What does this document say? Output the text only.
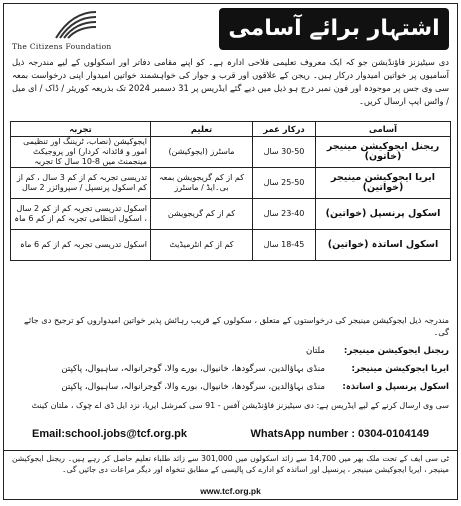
The Citizens Foundation
اشتہار برائے آسامی
دی سیٹیزنز فاؤنڈیشن جو کہ ایک معروف تعلیمی فلاحی ادارہ ہے۔ کو اپنے مقامی دفاتر اور اسکولوں کے لیے مندرجہ ذیل آسامیوں پر خواتین امیدوار درکار ہیں۔ ریجن کے علاقوں اور قرب و جوار کی خواہشمند خواتین امیدوار اپنی درخواست بمعہ سی وی جس پر موجودہ اور فون نمبر درج ہو ذیل میں دیے گئے ایڈریس پر 31 دسمبر 2024 تک بذریعہ کوریئر / ڈاک / ای میل / واٹس ایپ ارسال کریں۔
آسامی	درکار عمر	تعلیم	تجربہ
ریجنل ایجوکیشن مینیجر (خاتون)	30-50 سال	ماسٹرز (ایجوکیشن)	ایجوکیشن (نصاب، ٹریننگ اور تنظیمی امور و قائدانہ کردار) اور پروجیکٹ مینجمنٹ میں 8-10 سال کا تجربہ
ایریا ایجوکیشن مینیجر (خواتین)	25-50 سال	کم از کم گریجویشن بمعہ بی۔ایڈ / ماسٹرز	تدریسی تجربہ کم از کم 3 سال ، کم از کم اسکول پرنسپل / سپروائزر 2 سال
اسکول پرنسپل (خواتین)	23-40 سال	کم از کم گریجویشن	اسکول تدریسی تجربہ کم از کم 2 سال ، اسکول انتظامی تجربہ کم از کم 6 ماہ
اسکول اساتذہ (خواتین)	18-45 سال	کم از کم انٹرمیڈیٹ	اسکول تدریسی تجربہ کم از کم 6 ماہ
مندرجہ ذیل ایجوکیشن مینیجر کی درخواستوں کے متعلق ، سکولوں کے قریب رہائش پذیر خواتین امیدواروں کو ترجیح دی جائے گی۔
ریجنل ایجوکیشن مینیجر:
ملتان
ایریا ایجوکیشن مینیجر:
منڈی بہاؤالدین، سرگودھا، خانیوال، بورے والا، گوجرانوالہ، ساہیوال، پاکپتن
اسکول پرنسپل و اساتذہ:
منڈی بہاؤالدین، سرگودھا، خانیوال، بورے والا، گوجرانوالہ، ساہیوال، پاکپتن
سی وی ارسال کرنے کے لیے ایڈریس ہے: دی سیٹیزنز فاؤنڈیشن آفس - 91 سی کمرشل ایریا، نزد ایل ڈی اے چوک ، ملتان کینٹ
Email:school.jobs@tcf.org.pk	WhatsApp number : 0304-0104149
ٹی سی ایف کے تحت ملک بھر میں 14,700 سے زائد اسکولوں میں 301,000 سے زائد طلباء تعلیم حاصل کر رہے ہیں۔ ریجنل ایجوکیشن مینیجر ، ایریا ایجوکیشن مینیجر ، پرنسپل اور اساتذہ کو ادارے کی پالیسی کے مطابق تنخواہ اور دیگر مراعات دی جائیں گی۔
www.tcf.org.pk
